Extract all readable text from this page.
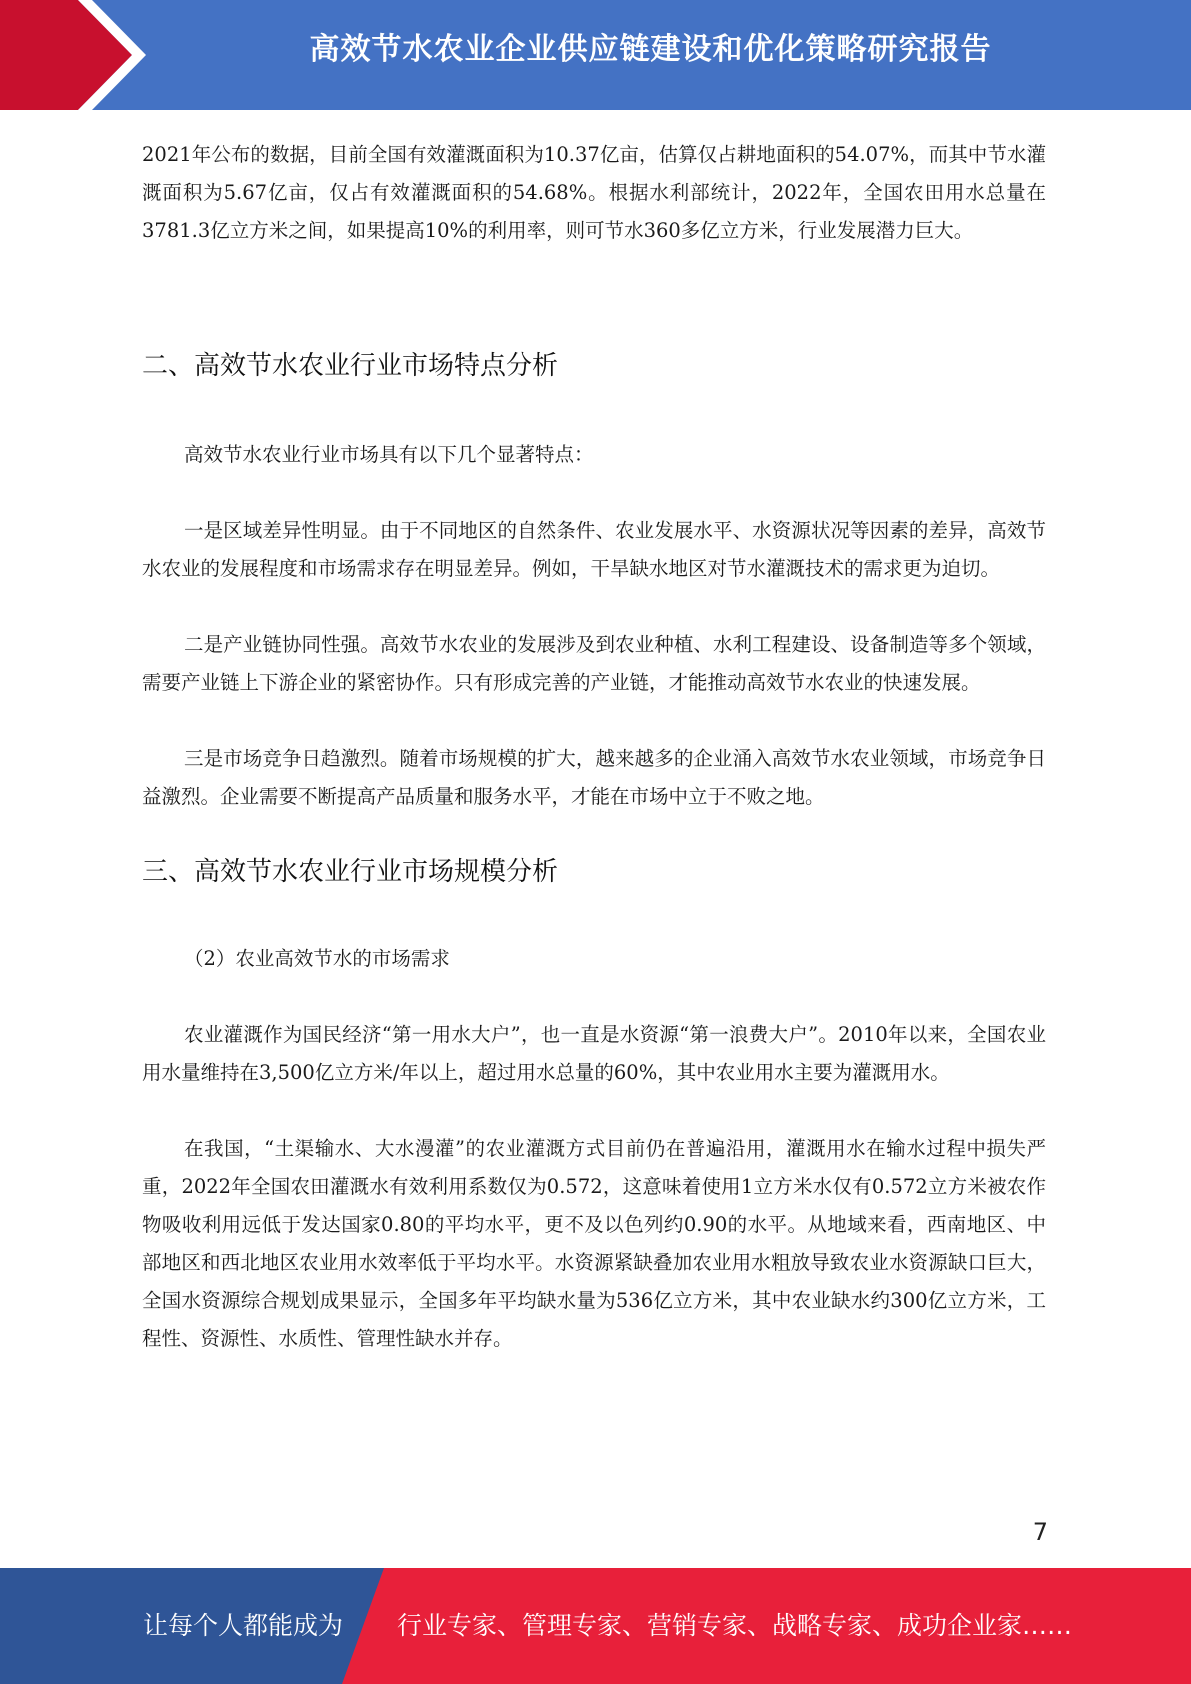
高效节水农业企业供应链建设和优化策略研究报告

2021年公布的数据，目前全国有效灌溉面积为10.37亿亩，估算仅占耕地面积的54.07%，而其中节水灌溉面积为5.67亿亩，仅占有效灌溉面积的54.68%。根据水利部统计，2022年，全国农田用水总量在3781.3亿立方米之间，如果提高10%的利用率，则可节水360多亿立方米，行业发展潜力巨大。

二、高效节水农业行业市场特点分析

高效节水农业行业市场具有以下几个显著特点：

一是区域差异性明显。由于不同地区的自然条件、农业发展水平、水资源状况等因素的差异，高效节水农业的发展程度和市场需求存在明显差异。例如，干旱缺水地区对节水灌溉技术的需求更为迫切。

二是产业链协同性强。高效节水农业的发展涉及到农业种植、水利工程建设、设备制造等多个领域，需要产业链上下游企业的紧密协作。只有形成完善的产业链，才能推动高效节水农业的快速发展。

三是市场竞争日趋激烈。随着市场规模的扩大，越来越多的企业涌入高效节水农业领域，市场竞争日益激烈。企业需要不断提高产品质量和服务水平，才能在市场中立于不败之地。

三、高效节水农业行业市场规模分析

（2）农业高效节水的市场需求

农业灌溉作为国民经济“第一用水大户”，也一直是水资源“第一浪费大户”。2010年以来，全国农业用水量维持在3,500亿立方米/年以上，超过用水总量的60%，其中农业用水主要为灌溉用水。

在我国，“土渠输水、大水漫灌”的农业灌溉方式目前仍在普遍沿用，灌溉用水在输水过程中损失严重，2022年全国农田灌溉水有效利用系数仅为0.572，这意味着使用1立方米水仅有0.572立方米被农作物吸收利用远低于发达国家0.80的平均水平，更不及以色列约0.90的水平。从地域来看，西南地区、中部地区和西北地区农业用水效率低于平均水平。水资源紧缺叠加农业用水粗放导致农业水资源缺口巨大，全国水资源综合规划成果显示，全国多年平均缺水量为536亿立方米，其中农业缺水约300亿立方米，工程性、资源性、水质性、管理性缺水并存。

7
让每个人都能成为 行业专家、管理专家、营销专家、战略专家、成功企业家……
